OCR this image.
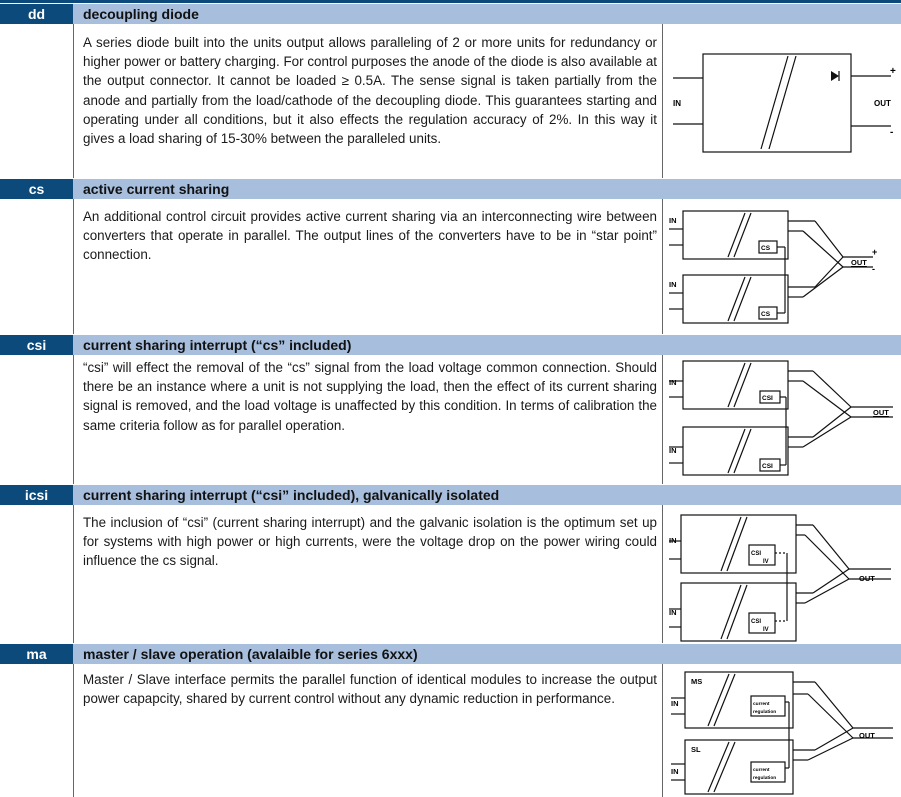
dd	decoupling diode
A series diode built into the units output allows paralleling of 2 or more units for redundancy or higher power or battery charging. For control purposes the anode of the diode is also available at the output connector. It cannot be loaded ≥ 0.5A. The sense signal is taken partially from the anode and partially from the load/cathode of the decoupling diode. This guarantees starting and operating under all conditions, but it also effects the regulation accuracy of 2%. In this way it gives a load sharing of 15-30% between the paralleled units.
IN	OUT
+
-
cs	active current sharing
An additional control circuit provides active current sharing via an interconnecting wire between converters that operate in parallel. The output lines of the converters have to be in “star point” connection.
IN
IN
CS
CS
OUT
+
-
csi	current sharing interrupt (“cs” included)
“csi” will effect the removal of the “cs” signal from the load voltage common connection. Should there be an instance where a unit is not supplying the load, then the effect of its current sharing signal is removed, and the load voltage is unaffected by this condition. In terms of calibration the same criteria follow as for parallel operation.
IN
IN
CSI
CSI
OUT
icsi	current sharing interrupt (“csi” included), galvanically isolated
The inclusion of “csi” (current sharing interrupt) and the galvanic isolation is the optimum set up for systems with high power or high currents, were the voltage drop on the power wiring could influence the cs signal.
IN
IN
CSI
IV
CSI
IV
OUT
ma	master / slave operation (avalaible for series 6xxx)
Master / Slave interface permits the parallel function of identical modules to increase the output power capapcity, shared by current control without any dynamic reduction in performance.
MS
SL
IN
IN
current
regulation
current
regulation
OUT
